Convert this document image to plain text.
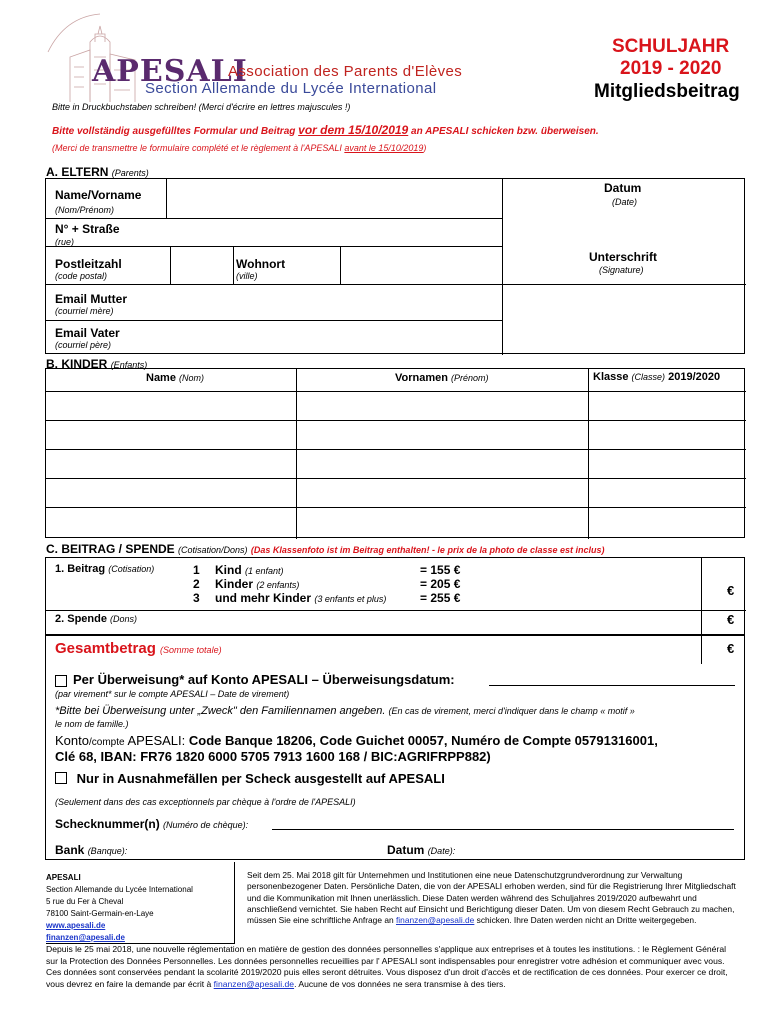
APESALI
Association des Parents d'Elèves
Section Allemande du Lycée International
SCHULJAHR
2019 - 2020
Mitgliedsbeitrag
Bitte in Druckbuchstaben schreiben! (Merci d'écrire en lettres majuscules !)
Bitte vollständig ausgefülltes Formular und Beitrag vor dem 15/10/2019 an APESALI schicken bzw. überweisen.
(Merci de transmettre le formulaire complété et le règlement à l'APESALI avant le 15/10/2019)
A. ELTERN (Parents)
Name/Vorname
(Nom/Prénom)
Datum
(Date)
N° + Straße
(rue)
Postleitzahl
(code postal)
Wohnort
(ville)
Unterschrift
(Signature)
Email Mutter
(courriel mère)
Email Vater
(courriel père)
B. KINDER (Enfants)
Name (Nom)	Vornamen (Prénom)	Klasse (Classe) 2019/2020
C. BEITRAG / SPENDE (Cotisation/Dons) (Das Klassenfoto ist im Beitrag enthalten! - le prix de la photo de classe est inclus)
1. Beitrag (Cotisation)	1 Kind (1 enfant)	= 155 €
2 Kinder (2 enfants)	= 205 €
3 und mehr Kinder (3 enfants et plus)	= 255 €	€
2. Spende (Dons)	€
Gesamtbetrag (Somme totale)	€
Per Überweisung* auf Konto APESALI – Überweisungsdatum:
(par virement* sur le compte APESALI – Date de virement)
*Bitte bei Überweisung unter „Zweck" den Familiennamen angeben. (En cas de virement, merci d'indiquer dans le champ « motif »
le nom de famille.)
Konto/compte APESALI: Code Banque 18206, Code Guichet 00057, Numéro de Compte 05791316001,
Clé 68, IBAN: FR76 1820 6000 5705 7913 1600 168 / BIC:AGRIFRPP882)
Nur in Ausnahmefällen per Scheck ausgestellt auf APESALI
(Seulement dans des cas exceptionnels par chèque à l'ordre de l'APESALI)
Schecknummer(n) (Numéro de chèque):
Bank (Banque):	Datum (Date):
APESALI
Section Allemande du Lycée International
5 rue du Fer à Cheval
78100 Saint-Germain-en-Laye
www.apesali.de
finanzen@apesali.de
Seit dem 25. Mai 2018 gilt für Unternehmen und Institutionen eine neue Datenschutzgrundverordnung zur Verwaltung personenbezogener Daten. Persönliche Daten, die von der APESALI erhoben werden, sind für die Registrierung Ihrer Mitgliedschaft und die Kommunikation mit Ihnen unerlässlich. Diese Daten werden während des Schuljahres 2019/2020 aufbewahrt und anschließend vernichtet. Sie haben Recht auf Einsicht und Berichtigung dieser Daten. Um von diesem Recht Gebrauch zu machen, müssen Sie eine schriftliche Anfrage an finanzen@apesali.de schicken. Ihre Daten werden nicht an Dritte weitergegeben.
Depuis le 25 mai 2018, une nouvelle réglementation en matière de gestion des données personnelles s'applique aux entreprises et à toutes les institutions. : le Règlement Général sur la Protection des Données Personnelles. Les données personnelles recueillies par l' APESALI sont indispensables pour enregistrer votre adhésion et communiquer avec vous. Ces données sont conservées pendant la scolarité 2019/2020 puis elles seront détruites. Vous disposez d'un droit d'accès et de rectification de ces données. Pour exercer ce droit, vous devrez en faire la demande par écrit à finanzen@apesali.de. Aucune de vos données ne sera transmise à des tiers.
